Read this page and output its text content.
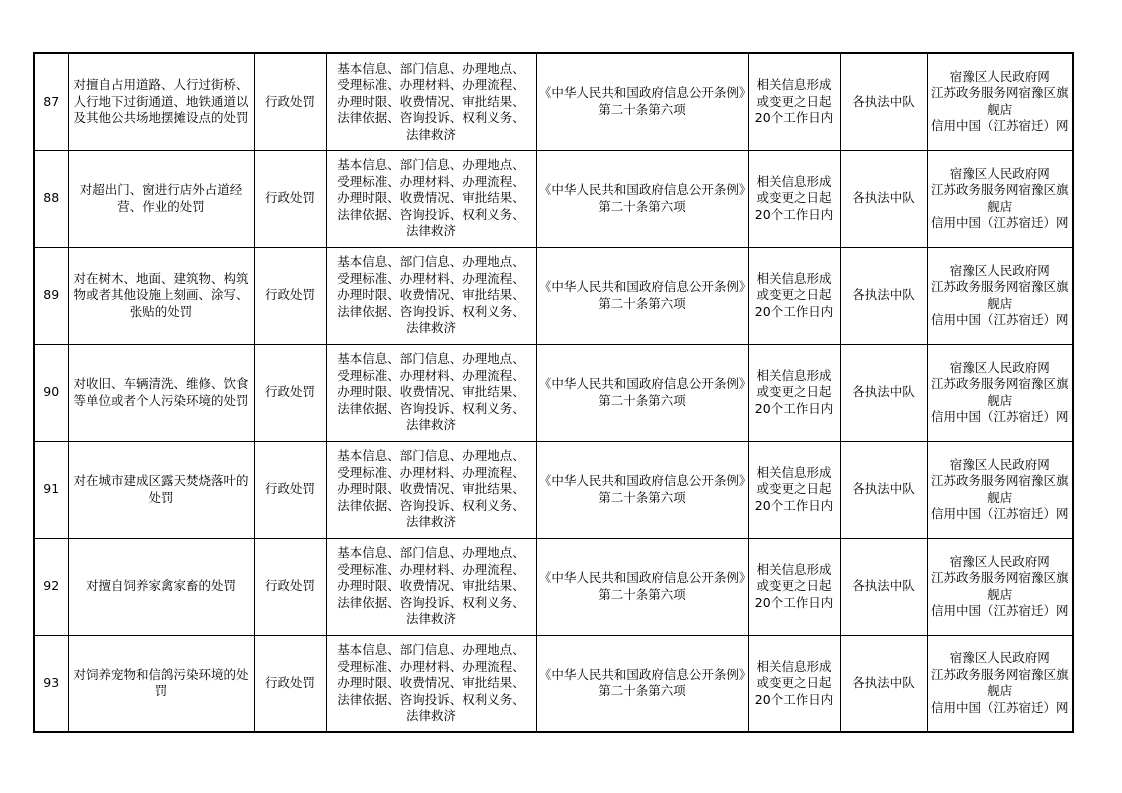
87	对擅自占用道路、人行过街桥、人行地下过街通道、地铁通道以及其他公共场地摆摊设点的处罚	行政处罚	基本信息、部门信息、办理地点、
受理标准、办理材料、办理流程、
办理时限、收费情况、审批结果、
法律依据、咨询投诉、权利义务、
法律救济	《中华人民共和国政府信息公开条例》第二十条第六项	相关信息形成或变更之日起20个工作日内	各执法中队	宿豫区人民政府网
江苏政务服务网宿豫区旗舰店
信用中国（江苏宿迁）网
88	对超出门、窗进行店外占道经营、作业的处罚	行政处罚	基本信息、部门信息、办理地点、
受理标准、办理材料、办理流程、
办理时限、收费情况、审批结果、
法律依据、咨询投诉、权利义务、
法律救济	《中华人民共和国政府信息公开条例》第二十条第六项	相关信息形成或变更之日起20个工作日内	各执法中队	宿豫区人民政府网
江苏政务服务网宿豫区旗舰店
信用中国（江苏宿迁）网
89	对在树木、地面、建筑物、构筑物或者其他设施上刻画、涂写、张贴的处罚	行政处罚	基本信息、部门信息、办理地点、
受理标准、办理材料、办理流程、
办理时限、收费情况、审批结果、
法律依据、咨询投诉、权利义务、
法律救济	《中华人民共和国政府信息公开条例》第二十条第六项	相关信息形成或变更之日起20个工作日内	各执法中队	宿豫区人民政府网
江苏政务服务网宿豫区旗舰店
信用中国（江苏宿迁）网
90	对收旧、车辆清洗、维修、饮食等单位或者个人污染环境的处罚	行政处罚	基本信息、部门信息、办理地点、
受理标准、办理材料、办理流程、
办理时限、收费情况、审批结果、
法律依据、咨询投诉、权利义务、
法律救济	《中华人民共和国政府信息公开条例》第二十条第六项	相关信息形成或变更之日起20个工作日内	各执法中队	宿豫区人民政府网
江苏政务服务网宿豫区旗舰店
信用中国（江苏宿迁）网
91	对在城市建成区露天焚烧落叶的处罚	行政处罚	基本信息、部门信息、办理地点、
受理标准、办理材料、办理流程、
办理时限、收费情况、审批结果、
法律依据、咨询投诉、权利义务、
法律救济	《中华人民共和国政府信息公开条例》第二十条第六项	相关信息形成或变更之日起20个工作日内	各执法中队	宿豫区人民政府网
江苏政务服务网宿豫区旗舰店
信用中国（江苏宿迁）网
92	对擅自饲养家禽家畜的处罚	行政处罚	基本信息、部门信息、办理地点、
受理标准、办理材料、办理流程、
办理时限、收费情况、审批结果、
法律依据、咨询投诉、权利义务、
法律救济	《中华人民共和国政府信息公开条例》第二十条第六项	相关信息形成或变更之日起20个工作日内	各执法中队	宿豫区人民政府网
江苏政务服务网宿豫区旗舰店
信用中国（江苏宿迁）网
93	对饲养宠物和信鸽污染环境的处罚	行政处罚	基本信息、部门信息、办理地点、
受理标准、办理材料、办理流程、
办理时限、收费情况、审批结果、
法律依据、咨询投诉、权利义务、
法律救济	《中华人民共和国政府信息公开条例》第二十条第六项	相关信息形成或变更之日起20个工作日内	各执法中队	宿豫区人民政府网
江苏政务服务网宿豫区旗舰店
信用中国（江苏宿迁）网
